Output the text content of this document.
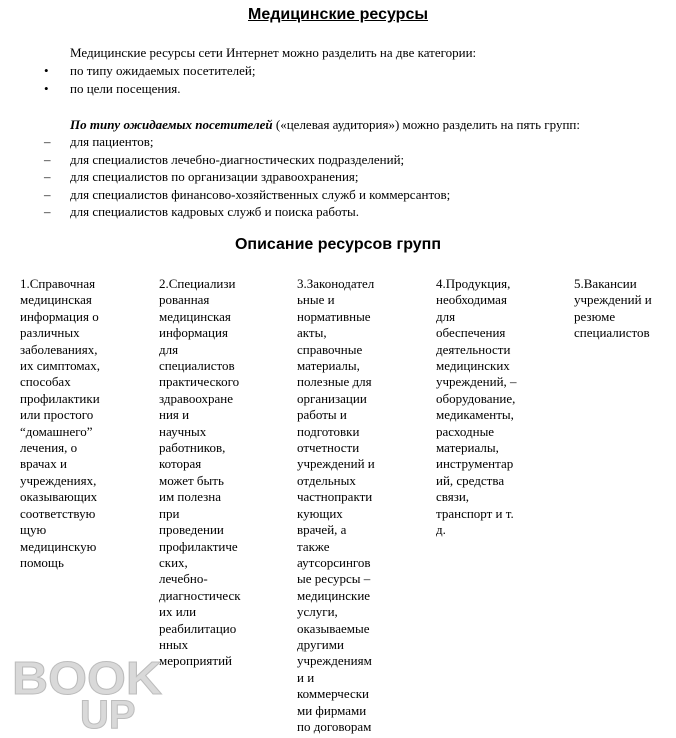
Медицинские ресурсы
Медицинские ресурсы сети Интернет можно разделить на две категории:
• по типу ожидаемых посетителей;
• по цели посещения.
По типу ожидаемых посетителей («целевая аудитория») можно разделить на пять групп:
– для пациентов;
– для специалистов лечебно-диагностических подразделений;
– для специалистов по организации здравоохранения;
– для специалистов финансово-хозяйственных служб и коммерсантов;
– для специалистов кадровых служб и поиска работы.
Описание ресурсов групп
1.Справочная
медицинская
информация о
различных
заболеваниях,
их симптомах,
способах
профилактики
или простого
“домашнего”
лечения, о
врачах и
учреждениях,
оказывающих
соответствую
щую
медицинскую
помощь
2.Специализи
рованная
медицинская
информация
для
специалистов
практического
здравоохране
ния и
научных
работников,
которая
может быть
им полезна
при
проведении
профилактиче
ских,
лечебно-
диагностическ
их или
реабилитацио
нных
мероприятий
3.Законодател
ьные и
нормативные
акты,
справочные
материалы,
полезные для
организации
работы и
подготовки
отчетности
учреждений и
отдельных
частнопракти
кующих
врачей, а
также
аутсорсингов
ые ресурсы –
медицинские
услуги,
оказываемые
другими
учреждениям
и и
коммерчески
ми фирмами
по договорам
4.Продукция,
необходимая
для
обеспечения
деятельности
медицинских
учреждений, –
оборудование,
медикаменты,
расходные
материалы,
инструментар
ий, средства
связи,
транспорт и т.
д.
5.Вакансии
учреждений и
резюме
специалистов
BOOK
UP
